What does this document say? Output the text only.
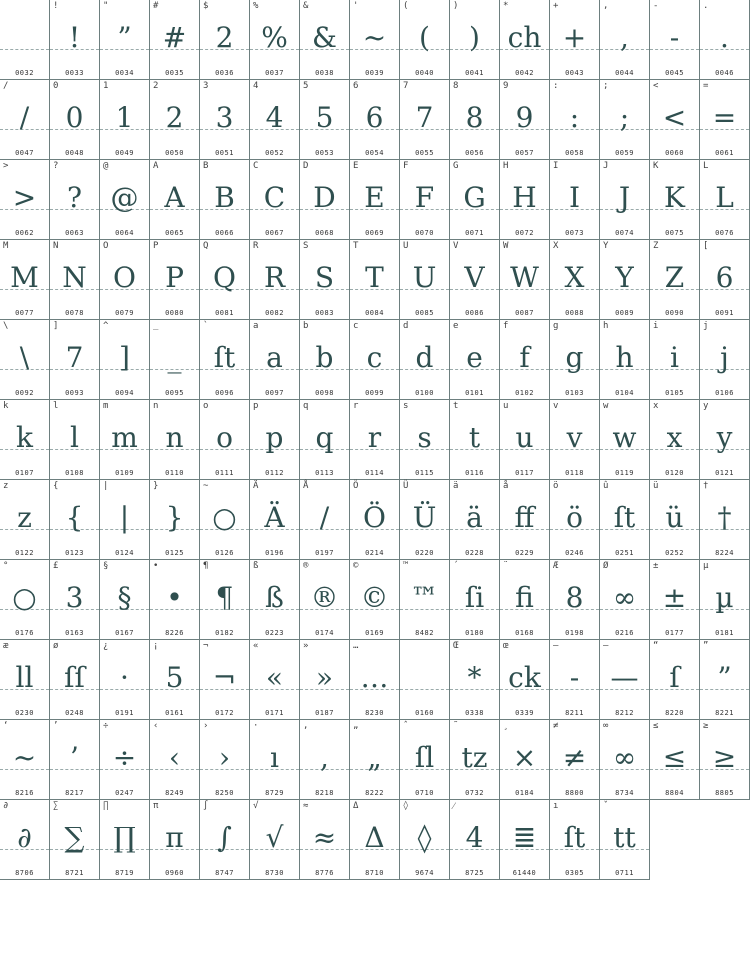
0032
!
!
0033
"
”
0034
#
#
0035
$
2
0036
%
%
0037
&
&
0038
'
~
0039
(
(
0040
)
)
0041
*
ch
0042
+
+
0043
,
,
0044
-
-
0045
.
.
0046
/
/
0047
0
0
0048
1
1
0049
2
2
0050
3
3
0051
4
4
0052
5
5
0053
6
6
0054
7
7
0055
8
8
0056
9
9
0057
:
:
0058
;
;
0059
<
<
0060
=
=
0061
>
>
0062
?
?
0063
@
@
0064
A
A
0065
B
B
0066
C
C
0067
D
D
0068
E
E
0069
F
F
0070
G
G
0071
H
H
0072
I
I
0073
J
J
0074
K
K
0075
L
L
0076
M
M
0077
N
N
0078
O
O
0079
P
P
0080
Q
Q
0081
R
R
0082
S
S
0083
T
T
0084
U
U
0085
V
V
0086
W
W
0087
X
X
0088
Y
Y
0089
Z
Z
0090
[
6
0091
\
\
0092
]
7
0093
^
]
0094
_
_
0095
`
ſt
0096
a
a
0097
b
b
0098
c
c
0099
d
d
0100
e
e
0101
f
f
0102
g
g
0103
h
h
0104
i
i
0105
j
j
0106
k
k
0107
l
l
0108
m
m
0109
n
n
0110
o
o
0111
p
p
0112
q
q
0113
r
r
0114
s
s
0115
t
t
0116
u
u
0117
v
v
0118
w
w
0119
x
x
0120
y
y
0121
z
z
0122
{
{
0123
|
|
0124
}
}
0125
~
○
0126
Ä
Ä
0196
Å
/
0197
Ö
Ö
0214
Ü
Ü
0220
ä
ä
0228
å
ff
0229
ö
ö
0246
û
ſt
0251
ü
ü
0252
†
†
8224
°
○
0176
£
3
0163
§
§
0167
•
•
8226
¶
¶
0182
ß
ß
0223
®
®
0174
©
©
0169
™
™
8482
´
ſi
0180
¨
fi
0168
Æ
8
0198
Ø
∞
0216
±
±
0177
µ
µ
0181
æ
ll
0230
ø
ſſ
0248
¿
·
0191
¡
5
0161
¬
¬
0172
«
«
0171
»
»
0187
…
…
8230	0160
Œ
*
0338
œ
ck
0339
–
-
8211
—
—
8212
“
ſ
8220
”
”
8221
‘
~
8216
’
’
8217
÷
÷
0247
‹
‹
8249
›
›
8250
·
ı
8729
‚
,
8218
„
„
8222
ˆ
ſl
0710
˜
tz
0732
¸
×
0184
≠
≠
8800
∞
∞
8734
≤
≤
8804
≥
≥
8805
∂
∂
8706
∑
∑
8721
∏
∏
8719
π
π
0960
∫
∫
8747
√
√
8730
≈
≈
8776
Δ
Δ
8710
◊
◊
9674
⁄
4
8725
≣
61440
ı
ſt
0305
ˇ
tt
0711
